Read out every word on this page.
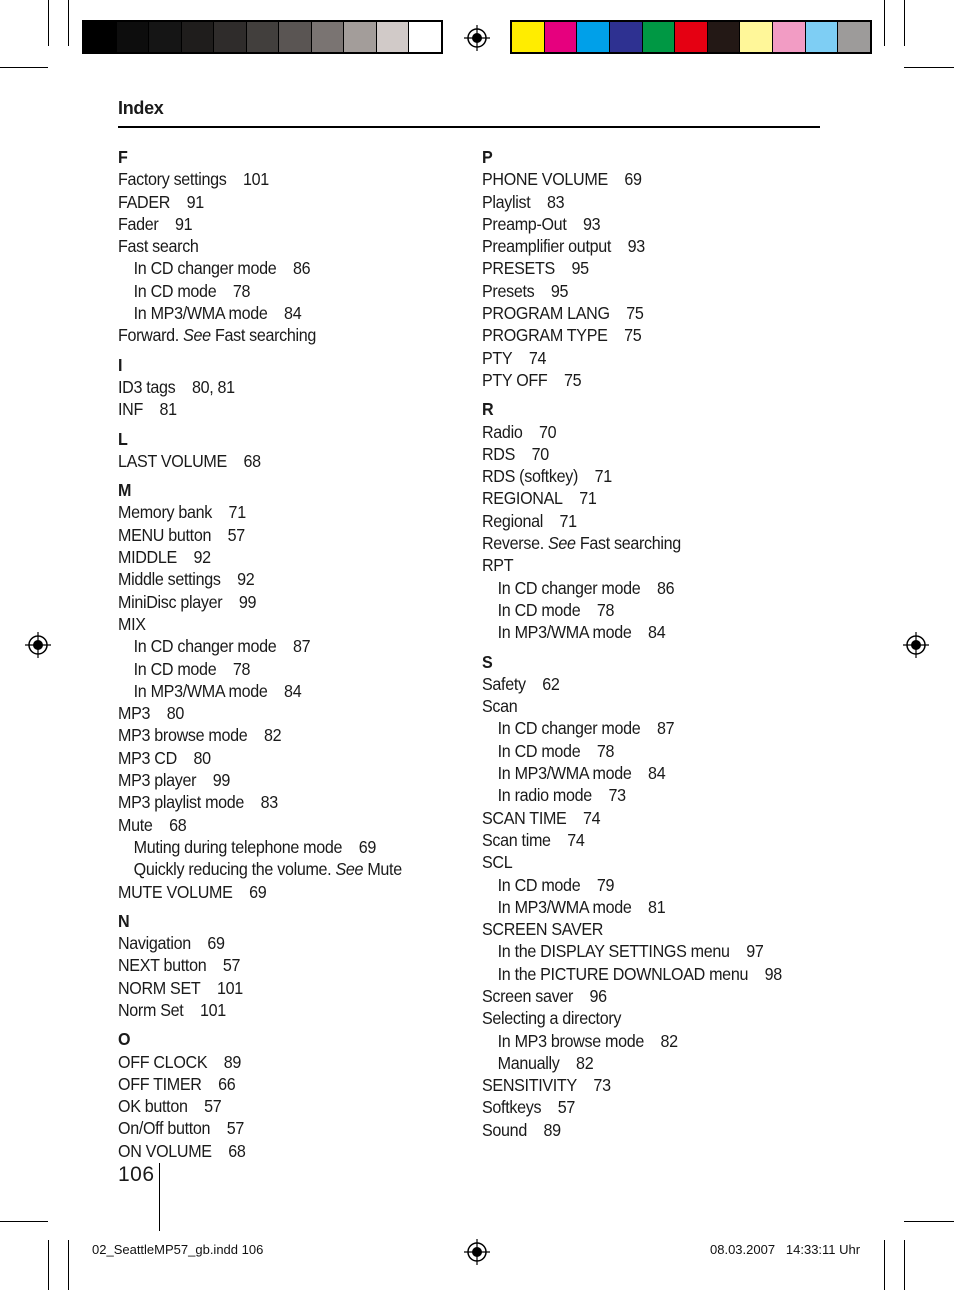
Index
F
Factory settings 101
FADER 91
Fader 91
Fast search
In CD changer mode 86
In CD mode 78
In MP3/WMA mode 84
Forward. See Fast searching
I
ID3 tags 80, 81
INF 81
L
LAST VOLUME 68
M
Memory bank 71
MENU button 57
MIDDLE 92
Middle settings 92
MiniDisc player 99
MIX
In CD changer mode 87
In CD mode 78
In MP3/WMA mode 84
MP3 80
MP3 browse mode 82
MP3 CD 80
MP3 player 99
MP3 playlist mode 83
Mute 68
Muting during telephone mode 69
Quickly reducing the volume. See Mute
MUTE VOLUME 69
N
Navigation 69
NEXT button 57
NORM SET 101
Norm Set 101
O
OFF CLOCK 89
OFF TIMER 66
OK button 57
On/Off button 57
ON VOLUME 68
P
PHONE VOLUME 69
Playlist 83
Preamp-Out 93
Preamplifier output 93
PRESETS 95
Presets 95
PROGRAM LANG 75
PROGRAM TYPE 75
PTY 74
PTY OFF 75
R
Radio 70
RDS 70
RDS (softkey) 71
REGIONAL 71
Regional 71
Reverse. See Fast searching
RPT
In CD changer mode 86
In CD mode 78
In MP3/WMA mode 84
S
Safety 62
Scan
In CD changer mode 87
In CD mode 78
In MP3/WMA mode 84
In radio mode 73
SCAN TIME 74
Scan time 74
SCL
In CD mode 79
In MP3/WMA mode 81
SCREEN SAVER
In the DISPLAY SETTINGS menu 97
In the PICTURE DOWNLOAD menu 98
Screen saver 96
Selecting a directory
In MP3 browse mode 82
Manually 82
SENSITIVITY 73
Softkeys 57
Sound 89
106
02_SeattleMP57_gb.indd 106	08.03.2007   14:33:11 Uhr
